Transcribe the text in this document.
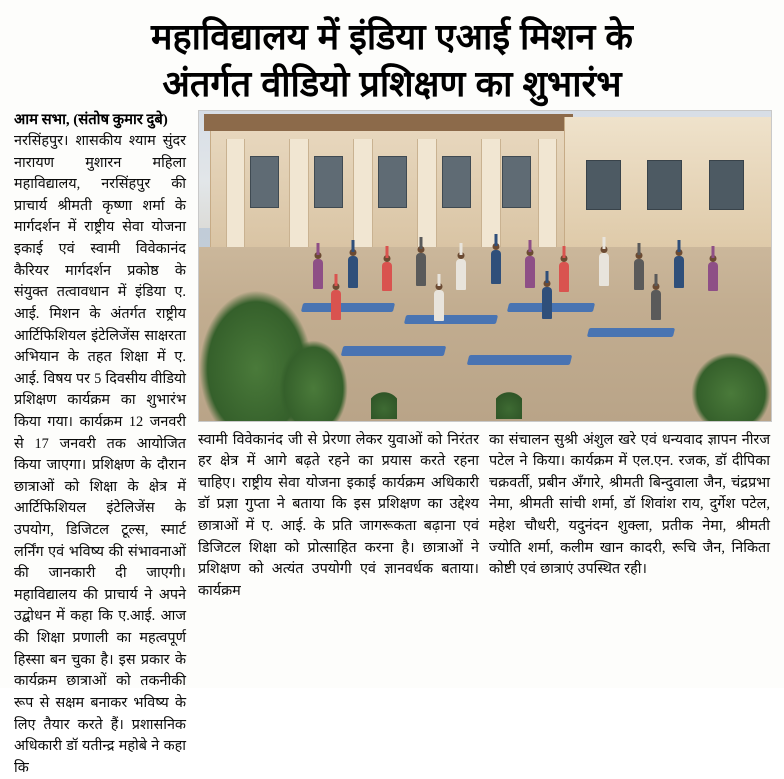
महाविद्यालय में इंडिया एआई मिशन के
अंतर्गत वीडियो प्रशिक्षण का शुभारंभ
आम सभा, (संतोष कुमार दुबे)

नरसिंहपुर। शासकीय श्याम सुंदर नारायण मुशारन महिला महाविद्यालय, नरसिंहपुर की प्राचार्य श्रीमती कृष्णा शर्मा के मार्गदर्शन में राष्ट्रीय सेवा योजना इकाई एवं स्वामी विवेकानंद कैरियर मार्गदर्शन प्रकोष्ठ के संयुक्त तत्वावधान में इंडिया ए. आई. मिशन के अंतर्गत राष्ट्रीय आर्टिफिशियल इंटेलिजेंस साक्षरता अभियान के तहत शिक्षा में ए. आई. विषय पर 5 दिवसीय वीडियो प्रशिक्षण कार्यक्रम का शुभारंभ किया गया। कार्यक्रम 12 जनवरी से 17 जनवरी तक आयोजित किया जाएगा। प्रशिक्षण के दौरान छात्राओं को शिक्षा के क्षेत्र में आर्टिफिशियल इंटेलिजेंस के उपयोग, डिजिटल टूल्स, स्मार्ट लर्निंग एवं भविष्य की संभावनाओं की जानकारी दी जाएगी। महाविद्यालय की प्राचार्य ने अपने उद्बोधन में कहा कि ए.आई. आज की शिक्षा प्रणाली का महत्वपूर्ण हिस्सा बन चुका है। इस प्रकार के कार्यक्रम छात्राओं को तकनीकी रूप से सक्षम बनाकर भविष्य के लिए तैयार करते हैं। प्रशासनिक अधिकारी डॉ यतीन्द्र महोबे ने कहा कि

स्वामी विवेकानंद जी से प्रेरणा लेकर युवाओं को निरंतर हर क्षेत्र में आगे बढ़ते रहने का प्रयास करते रहना चाहिए। राष्ट्रीय सेवा योजना इकाई कार्यक्रम अधिकारी डॉ प्रज्ञा गुप्ता ने बताया कि इस प्रशिक्षण का उद्देश्य छात्राओं में ए. आई. के प्रति जागरूकता बढ़ाना एवं डिजिटल शिक्षा को प्रोत्साहित करना है। छात्राओं ने प्रशिक्षण को अत्यंत उपयोगी एवं ज्ञानवर्धक बताया। कार्यक्रम

का संचालन सुश्री अंशुल खरे एवं धन्यवाद ज्ञापन नीरज पटेल ने किया। कार्यक्रम में एल.एन. रजक, डॉ दीपिका चक्रवर्ती, प्रबीन अँगारे, श्रीमती बिन्दुवाला जैन, चंद्रप्रभा नेमा, श्रीमती सांची शर्मा, डॉ शिवांश राय, दुर्गेश पटेल, महेश चौधरी, यदुनंदन शुक्ला, प्रतीक नेमा, श्रीमती ज्योति शर्मा, कलीम खान कादरी, रूचि जैन, निकिता कोष्टी एवं छात्राएं उपस्थित रही।
